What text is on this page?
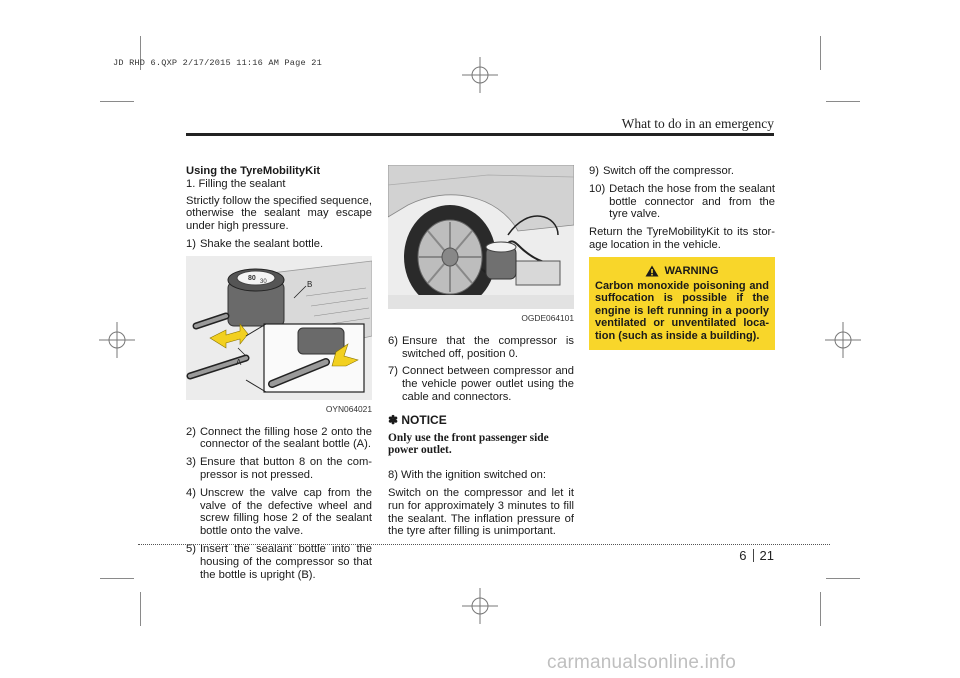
JD RHD 6.QXP 2/17/2015 11:16 AM Page 21
What to do in an emergency
Using the TyreMobilityKit
1. Filling the sealant
Strictly follow the specified sequence, otherwise the sealant may escape under high pressure.
1) Shake the sealant bottle.
80 30	B
A
OYN064021
2) Connect the filling hose 2 onto the connector of the sealant bottle (A).
3) Ensure that button 8 on the com-pressor is not pressed.
4) Unscrew the valve cap from the valve of the defective wheel and screw filling hose 2 of the sealant bottle onto the valve.
5) Insert the sealant bottle into the housing of the compressor so that the bottle is upright (B).
OGDE064101
6) Ensure that the compressor is switched off, position 0.
7) Connect between compressor and the vehicle power outlet using the cable and connectors.
✽ NOTICE
Only use the front passenger side power outlet.
8) With the ignition switched on:
Switch on the compressor and let it run for approximately 3 minutes to fill the sealant. The inflation pressure of the tyre after filling is unimportant.
9) Switch off the compressor.
10) Detach the hose from the sealant bottle connector and from the tyre valve.
Return the TyreMobilityKit to its stor-age location in the vehicle.
WARNING
Carbon monoxide poisoning and suffocation is possible if the engine is left running in a poorly ventilated or unventilated loca-tion (such as inside a building).
6 21
carmanualsonline.info
